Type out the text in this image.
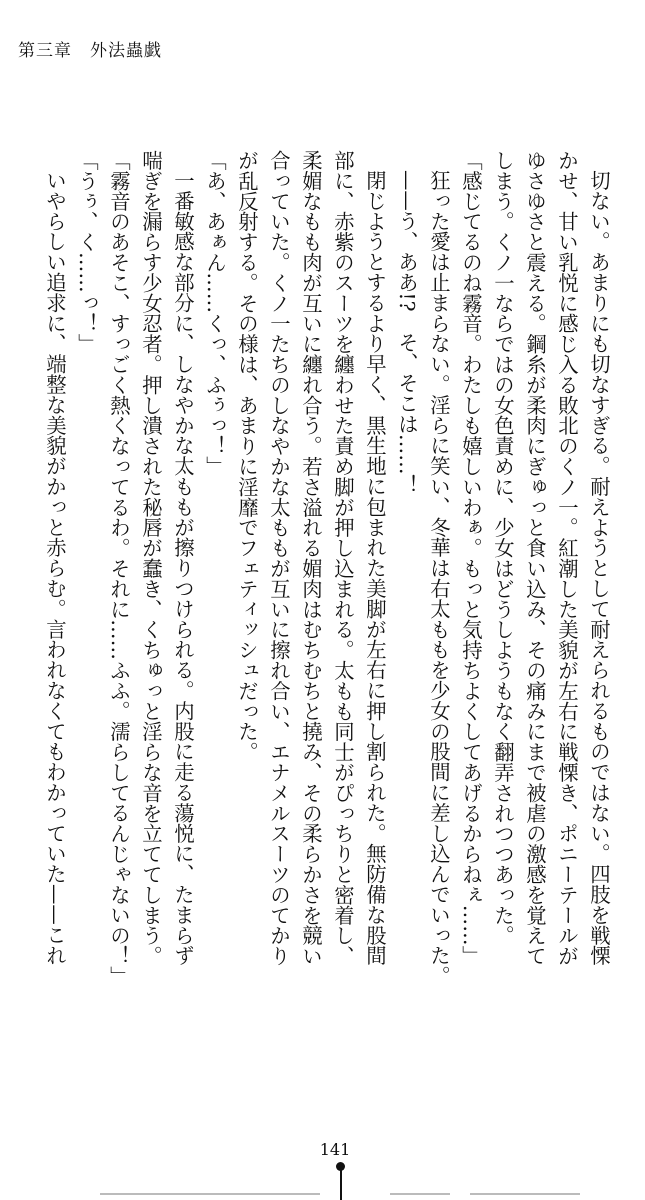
第三章　外法蟲戯
切ない。あまりにも切なすぎる。耐えようとして耐えられるものではない。四肢を戦慄
かせ、甘い乳悦に感じ入る敗北のくノ一。紅潮した美貌が左右に戦慄き、ポニーテールが
ゆさゆさと震える。鋼糸が柔肉にぎゅっと食い込み、その痛みにまで被虐の激感を覚えて
しまう。くノ一ならではの女色責めに、少女はどうしようもなく翻弄されつつあった。
「感じてるのね霧音。わたしも嬉しいわぁ。もっと気持ちよくしてあげるからねぇ……」
狂った愛は止まらない。淫らに笑い、冬華は右太ももを少女の股間に差し込んでいった。
——う、ああ!?　そ、そこは……！
閉じようとするより早く、黒生地に包まれた美脚が左右に押し割られた。無防備な股間
部に、赤紫のスーツを纏わせた責め脚が押し込まれる。太もも同士がぴっちりと密着し、
柔媚なもも肉が互いに纏れ合う。若さ溢れる媚肉はむちむちと撓み、その柔らかさを競い
合っていた。くノ一たちのしなやかな太ももが互いに擦れ合い、エナメルスーツのてかり
が乱反射する。その様は、あまりに淫靡でフェティッシュだった。
「あ、あぁん……くっ、ふぅっ！」
一番敏感な部分に、しなやかな太ももが擦りつけられる。内股に走る蕩悦に、たまらず
喘ぎを漏らす少女忍者。押し潰された秘唇が蠢き、くちゅっと淫らな音を立ててしまう。
「霧音のあそこ、すっごく熱くなってるわ。それに……ふふ。濡らしてるんじゃないの！」
「うぅ、く……っ！」
いやらしい追求に、端整な美貌がかっと赤らむ。言われなくてもわかっていた——これ
141
